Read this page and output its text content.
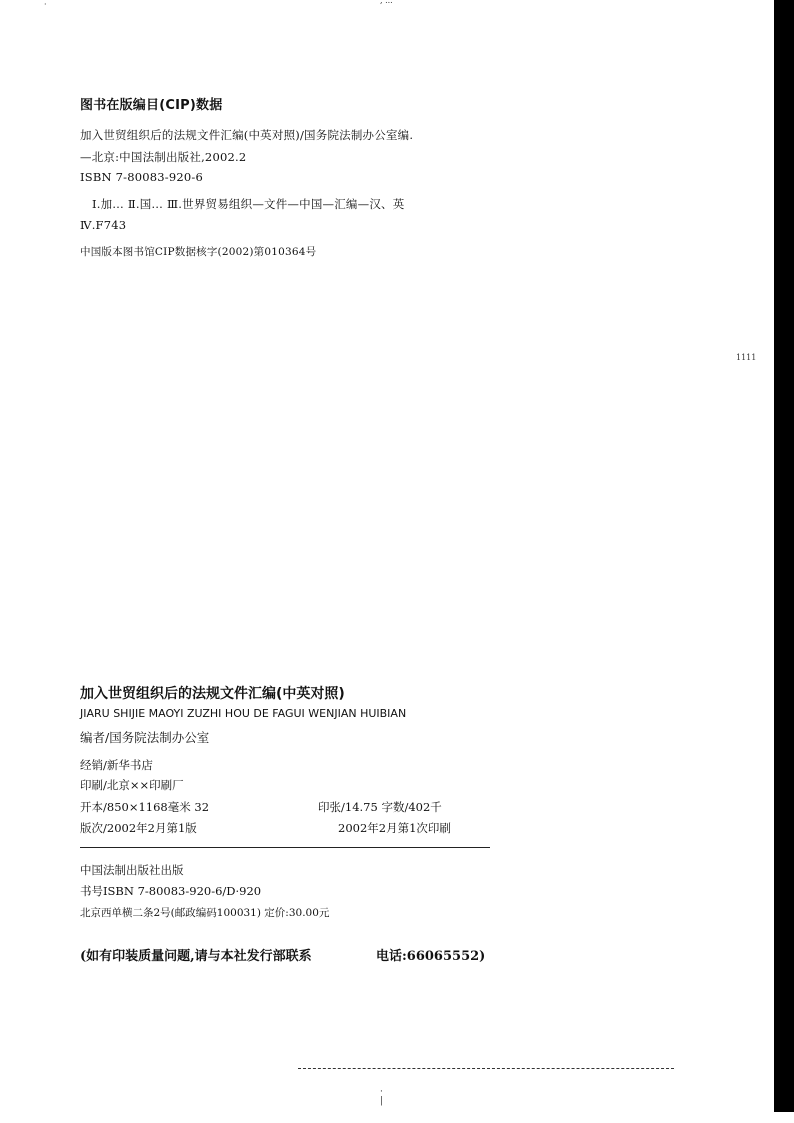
·	, ...
图书在版编目(CIP)数据
加入世贸组织后的法规文件汇编(中英对照)/国务院法制办公室编.
—北京:中国法制出版社,2002.2
ISBN 7-80083-920-6
Ⅰ.加… Ⅱ.国… Ⅲ.世界贸易组织—文件—中国—汇编—汉、英
Ⅳ.F743
中国版本图书馆CIP数据核字(2002)第010364号
1111
加入世贸组织后的法规文件汇编(中英对照)
JIARU SHIJIE MAOYI ZUZHI HOU DE FAGUI WENJIAN HUIBIAN
编者/国务院法制办公室
经销/新华书店
印刷/北京××印刷厂
开本/850×1168毫米 32	印张/14.75 字数/402千
版次/2002年2月第1版	2002年2月第1次印刷
中国法制出版社出版
书号ISBN 7-80083-920-6/D·920
北京西单横二条2号(邮政编码100031) 定价:30.00元
(如有印装质量问题,请与本社发行部联系	电话:66065552)
·
|
